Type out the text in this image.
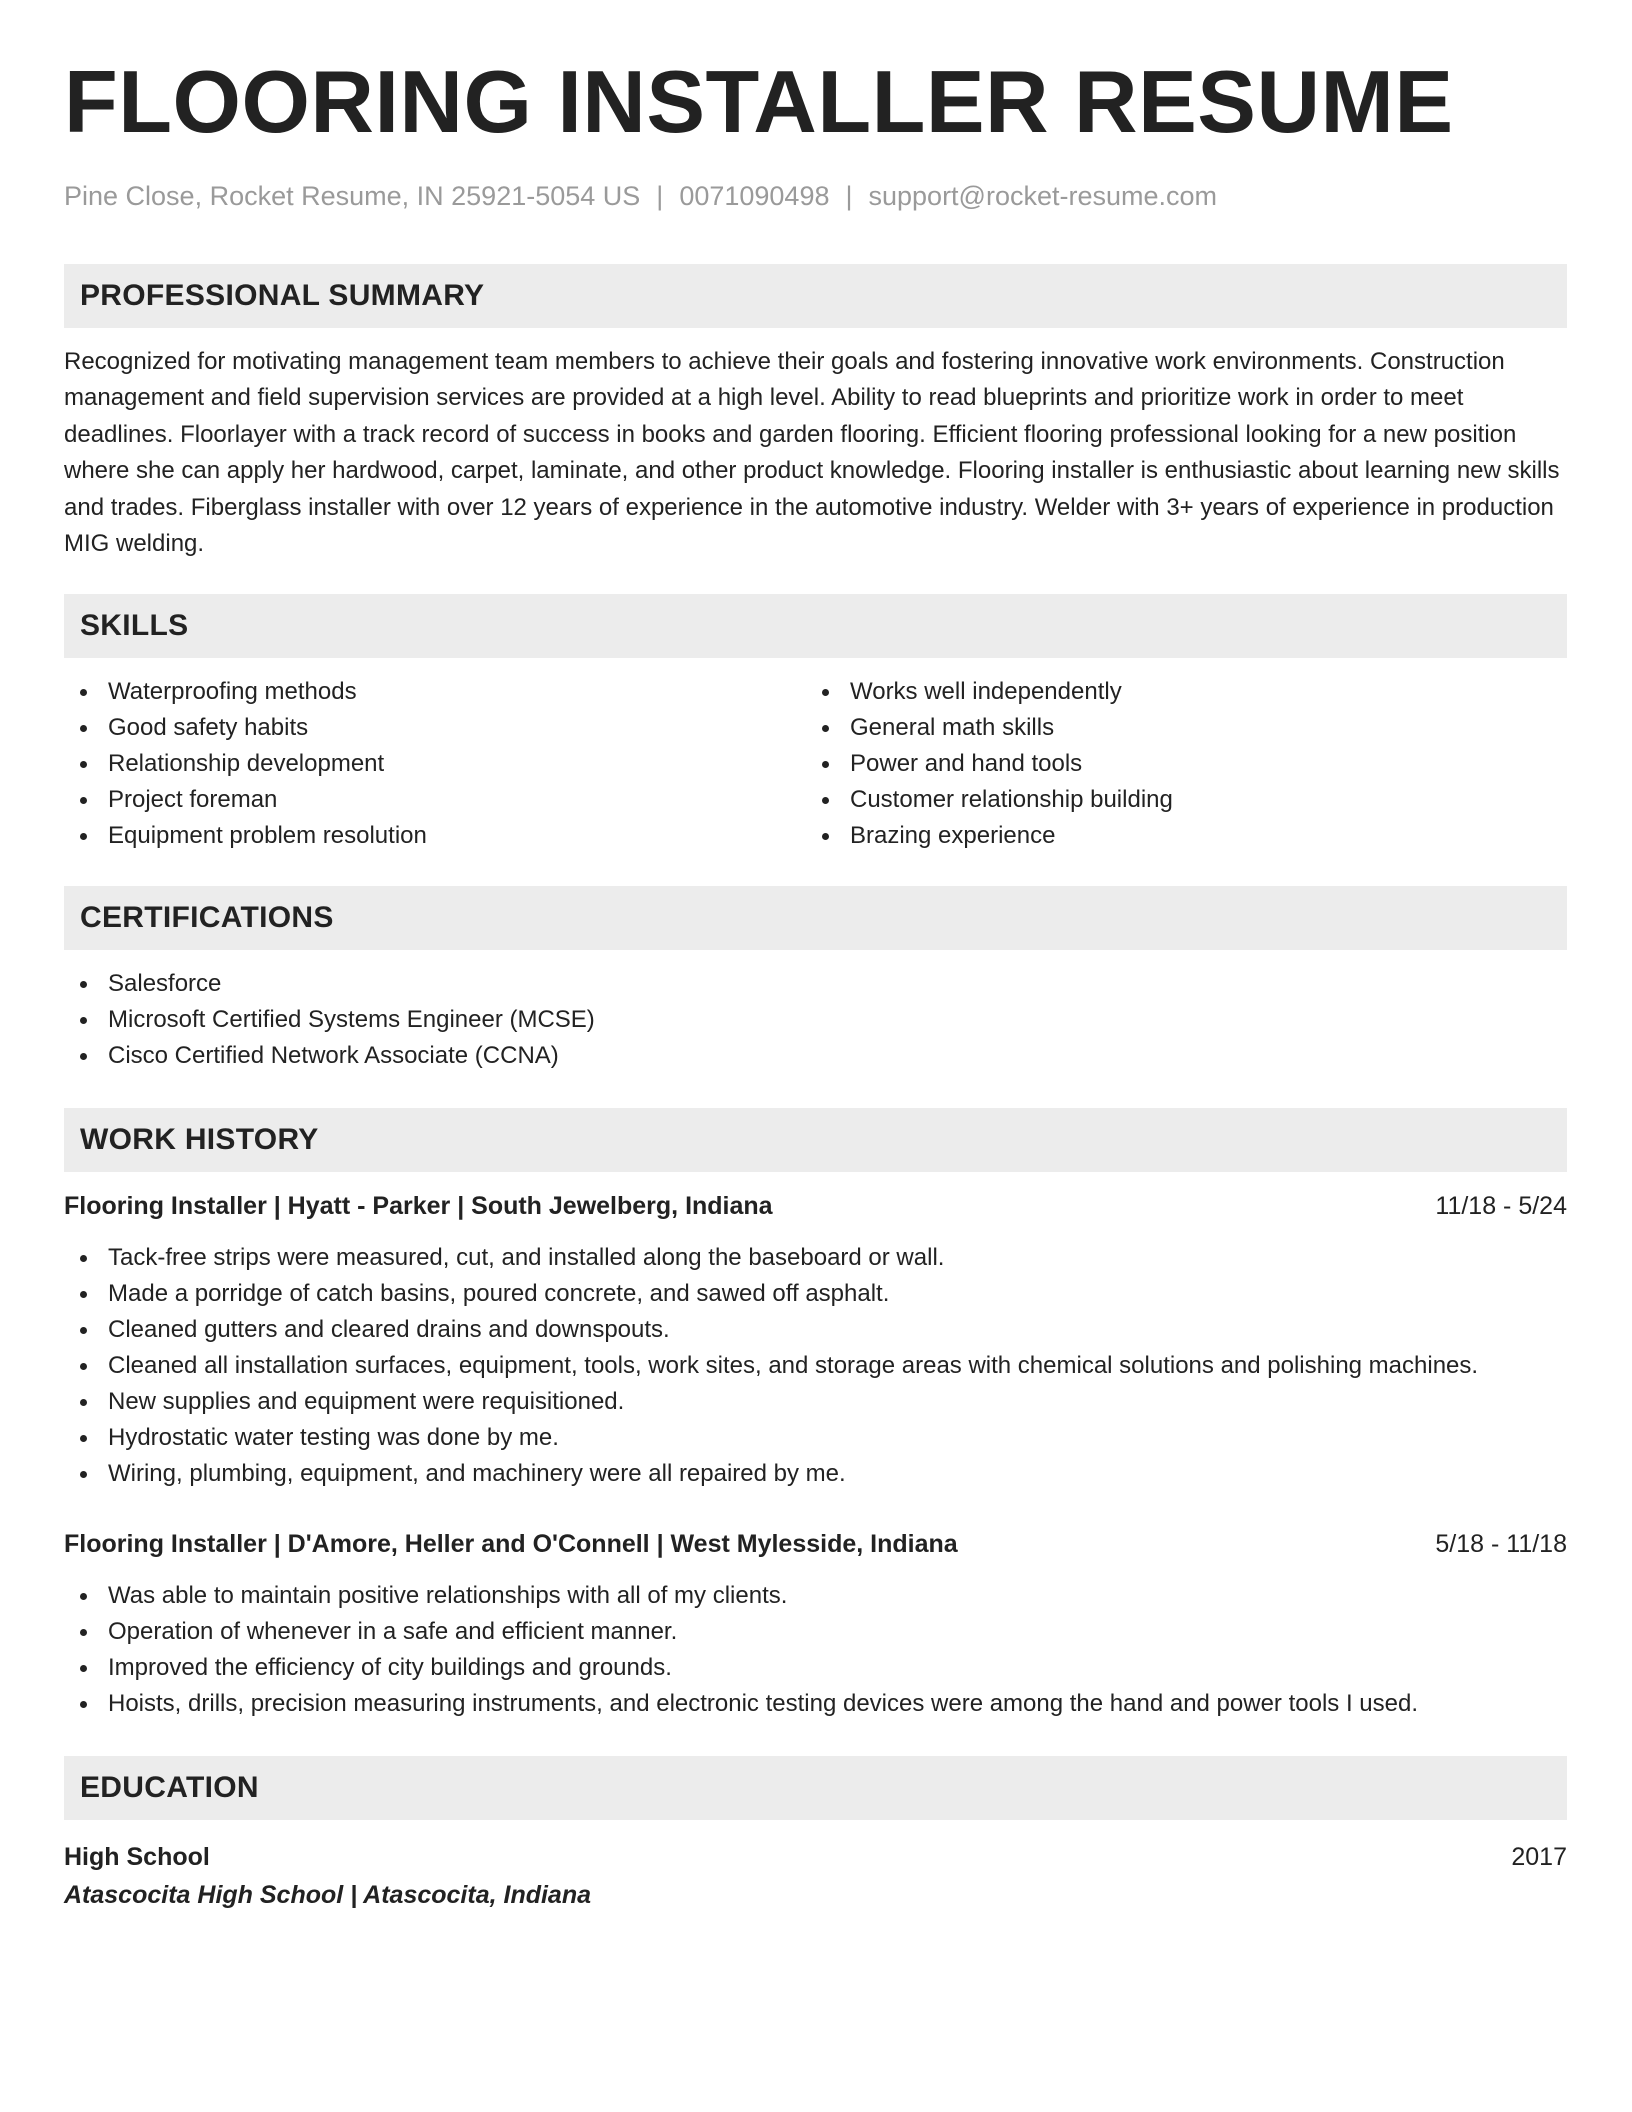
FLOORING INSTALLER RESUME
Pine Close, Rocket Resume, IN 25921-5054 US | 0071090498 | support@rocket-resume.com
PROFESSIONAL SUMMARY

Recognized for motivating management team members to achieve their goals and fostering innovative work environments. Construction management and field supervision services are provided at a high level. Ability to read blueprints and prioritize work in order to meet deadlines. Floorlayer with a track record of success in books and garden flooring. Efficient flooring professional looking for a new position where she can apply her hardwood, carpet, laminate, and other product knowledge. Flooring installer is enthusiastic about learning new skills and trades. Fiberglass installer with over 12 years of experience in the automotive industry. Welder with 3+ years of experience in production MIG welding.

SKILLS
Waterproofing methods
Good safety habits
Relationship development
Project foreman
Equipment problem resolution
Works well independently
General math skills
Power and hand tools
Customer relationship building
Brazing experience
CERTIFICATIONS
Salesforce
Microsoft Certified Systems Engineer (MCSE)
Cisco Certified Network Associate (CCNA)
WORK HISTORY
Flooring Installer | Hyatt - Parker | South Jewelberg, Indiana	11/18 - 5/24
Tack-free strips were measured, cut, and installed along the baseboard or wall.
Made a porridge of catch basins, poured concrete, and sawed off asphalt.
Cleaned gutters and cleared drains and downspouts.
Cleaned all installation surfaces, equipment, tools, work sites, and storage areas with chemical solutions and polishing machines.
New supplies and equipment were requisitioned.
Hydrostatic water testing was done by me.
Wiring, plumbing, equipment, and machinery were all repaired by me.
Flooring Installer | D'Amore, Heller and O'Connell | West Mylesside, Indiana	5/18 - 11/18
Was able to maintain positive relationships with all of my clients.
Operation of whenever in a safe and efficient manner.
Improved the efficiency of city buildings and grounds.
Hoists, drills, precision measuring instruments, and electronic testing devices were among the hand and power tools I used.
EDUCATION
High School	2017
Atascocita High School | Atascocita, Indiana
